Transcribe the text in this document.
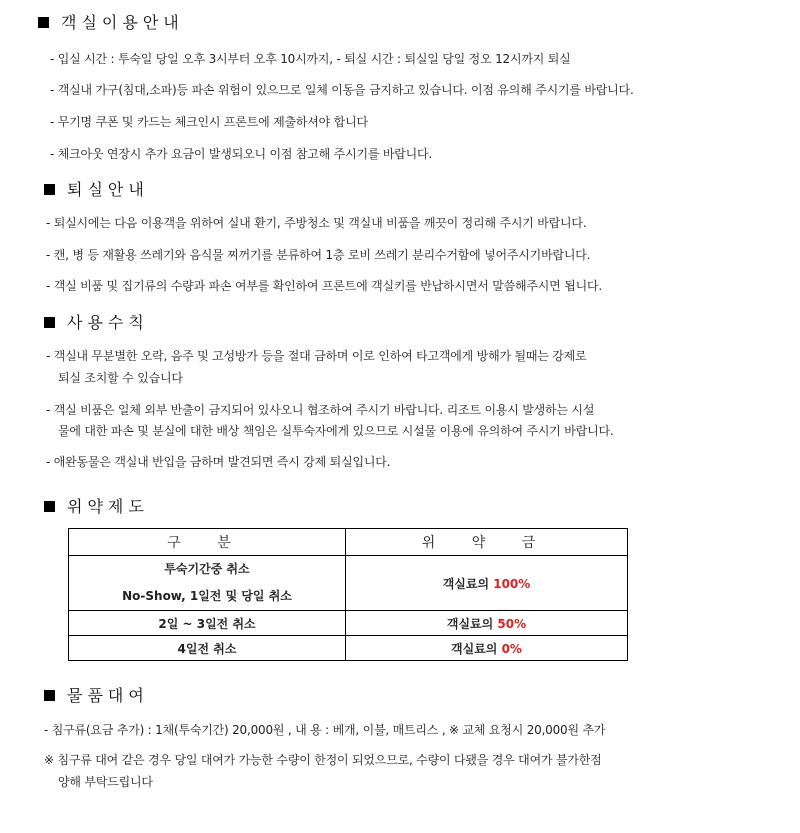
객실이용안내
- 입실 시간 : 투숙일 당일 오후 3시부터 오후 10시까지, - 퇴실 시간 : 퇴실일 당일 정오 12시까지 퇴실
- 객실내 가구(침대,소파)등 파손 위험이 있으므로 일체 이동을 금지하고 있습니다. 이점 유의해 주시기를 바랍니다.
- 무기명 쿠폰 및 카드는 체크인시 프론트에 제출하셔야 합니다
- 체크아웃 연장시 추가 요금이 발생되오니 이점 참고해 주시기를 바랍니다.
퇴실안내
- 퇴실시에는 다음 이용객을 위하여 실내 환기, 주방청소 및 객실내 비품을 깨끗이 정리해 주시기 바랍니다.
- 캔, 병 등 재활용 쓰레기와 음식물 찌꺼기를 분류하여 1층 로비 쓰레기 분리수거함에 넣어주시기바랍니다.
- 객실 비품 및 집기류의 수량과 파손 여부를 확인하여 프론트에 객실키를 반납하시면서 말씀해주시면 됩니다.
사용수칙
- 객실내 무분별한 오락, 음주 및 고성방가 등을 절대 금하며 이로 인하여 타고객에게 방해가 될때는 강제로
퇴실 조치할 수 있습니다
- 객실 비품은 일체 외부 반출이 금지되어 있사오니 협조하여 주시기 바랍니다. 리조트 이용시 발생하는 시설
물에 대한 파손 및 분실에 대한 배상 책임은 실투숙자에게 있으므로 시설물 이용에 유의하여 주시기 바랍니다.
- 애완동물은 객실내 반입을 금하며 발견되면 즉시 강제 퇴실입니다.
위약제도
구 분	위 약 금

투숙기간중 취소
No-Show, 1일전 및 당일 취소	객실료의 100%
2일 ~ 3일전 취소	객실료의 50%
4일전 취소	객실료의 0%
물품대여
- 침구류(요금 추가) : 1채(투숙기간) 20,000원 , 내 용 : 베개, 이불, 매트리스 , ※ 교체 요청시 20,000원 추가
※ 침구류 대여 같은 경우 당일 대여가 가능한 수량이 한정이 되었으므로, 수량이 다됐을 경우 대여가 불가한점
양해 부탁드립니다
